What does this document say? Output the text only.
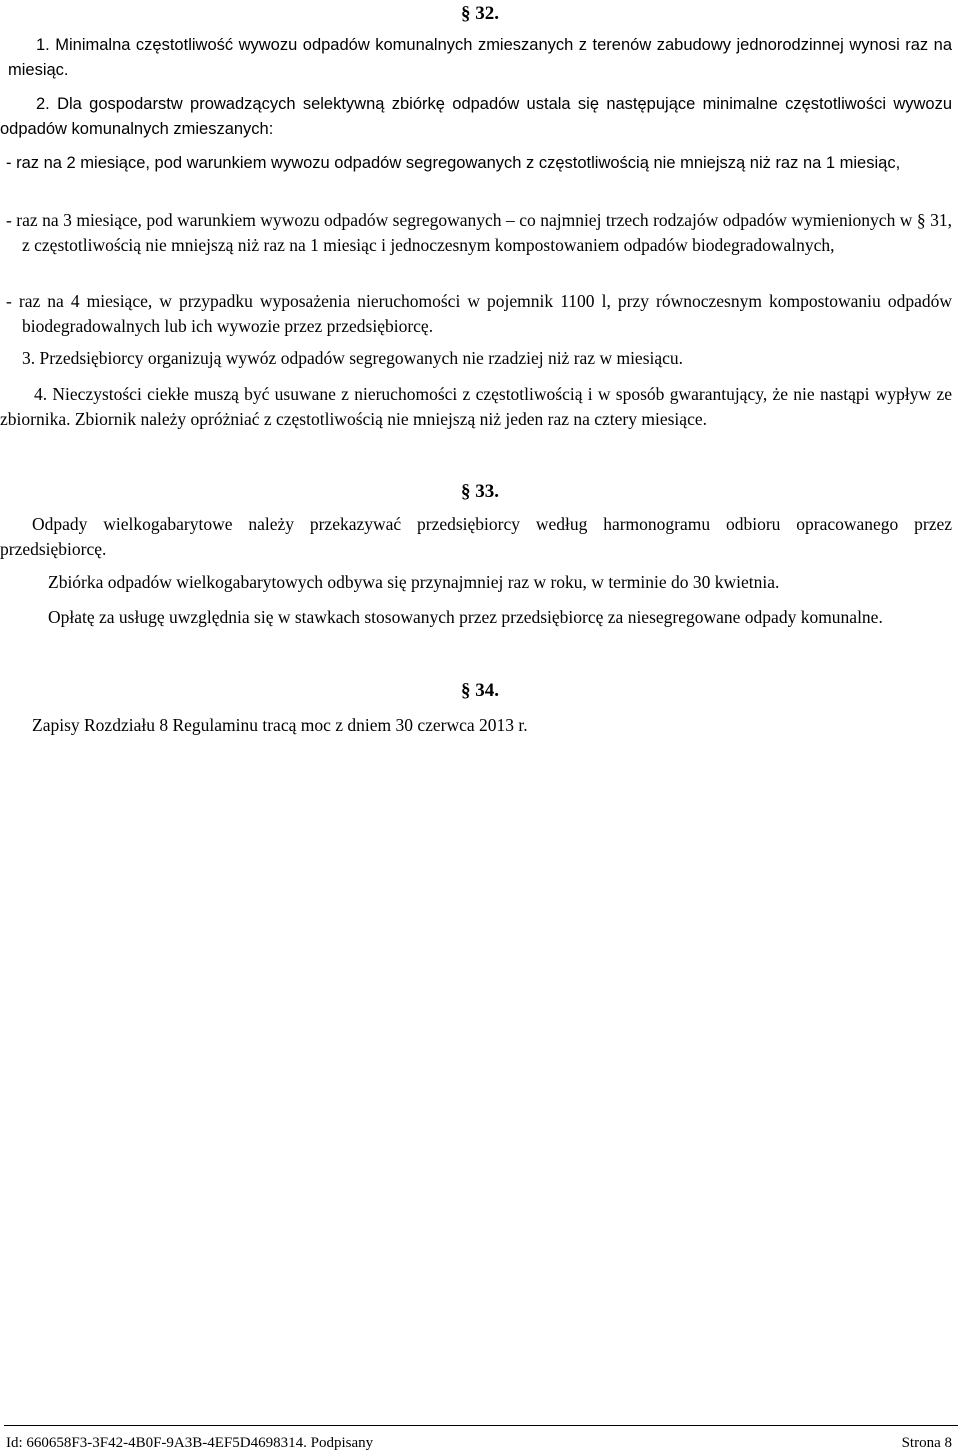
§ 32.

1. Minimalna częstotliwość wywozu odpadów komunalnych zmieszanych z terenów zabudowy jednorodzinnej wynosi raz na miesiąc.

2. Dla gospodarstw prowadzących selektywną zbiórkę odpadów ustala się następujące minimalne częstotliwości wywozu odpadów komunalnych zmieszanych:

- raz na 2 miesiące, pod warunkiem wywozu odpadów segregowanych z częstotliwością nie mniejszą niż raz na 1 miesiąc,

- raz na 3 miesiące, pod warunkiem wywozu odpadów segregowanych – co najmniej trzech rodzajów odpadów wymienionych w § 31, z częstotliwością nie mniejszą niż raz na 1 miesiąc i jednoczesnym kompostowaniem odpadów biodegradowalnych,

- raz na 4 miesiące, w przypadku wyposażenia nieruchomości w pojemnik 1100 l, przy równoczesnym kompostowaniu odpadów biodegradowalnych lub ich wywozie przez przedsiębiorcę.

3. Przedsiębiorcy organizują wywóz odpadów segregowanych nie rzadziej niż raz w miesiącu.

4. Nieczystości ciekłe muszą być usuwane z nieruchomości z częstotliwością i w sposób gwarantujący, że nie nastąpi wypływ ze zbiornika. Zbiornik należy opróżniać z częstotliwością nie mniejszą niż jeden raz na cztery miesiące.

§ 33.

Odpady wielkogabarytowe należy przekazywać przedsiębiorcy według harmonogramu odbioru opracowanego przez przedsiębiorcę.

Zbiórka odpadów wielkogabarytowych odbywa się przynajmniej raz w roku, w terminie do 30 kwietnia.

Opłatę za usługę uwzględnia się w stawkach stosowanych przez przedsiębiorcę za niesegregowane odpady komunalne.

§ 34.

Zapisy Rozdziału 8 Regulaminu tracą moc z dniem 30 czerwca 2013 r.

Id: 660658F3-3F42-4B0F-9A3B-4EF5D4698314. Podpisany	Strona 8
